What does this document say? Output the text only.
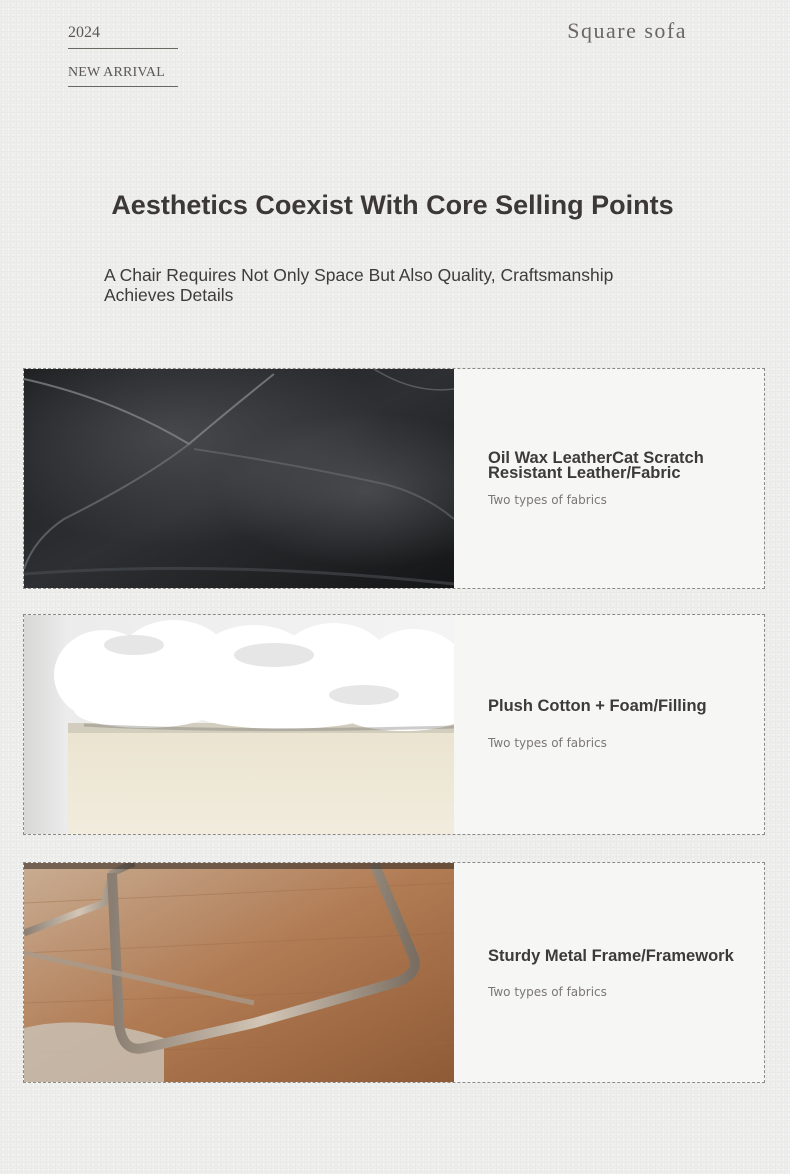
2024
NEW ARRIVAL
Square sofa
Aesthetics Coexist With Core Selling Points
A Chair Requires Not Only Space But Also Quality, Craftsmanship Achieves Details

Oil Wax LeatherCat Scratch Resistant Leather/Fabric

Two types of fabrics

Plush Cotton + Foam/Filling

Two types of fabrics

Sturdy Metal Frame/Framework

Two types of fabrics
